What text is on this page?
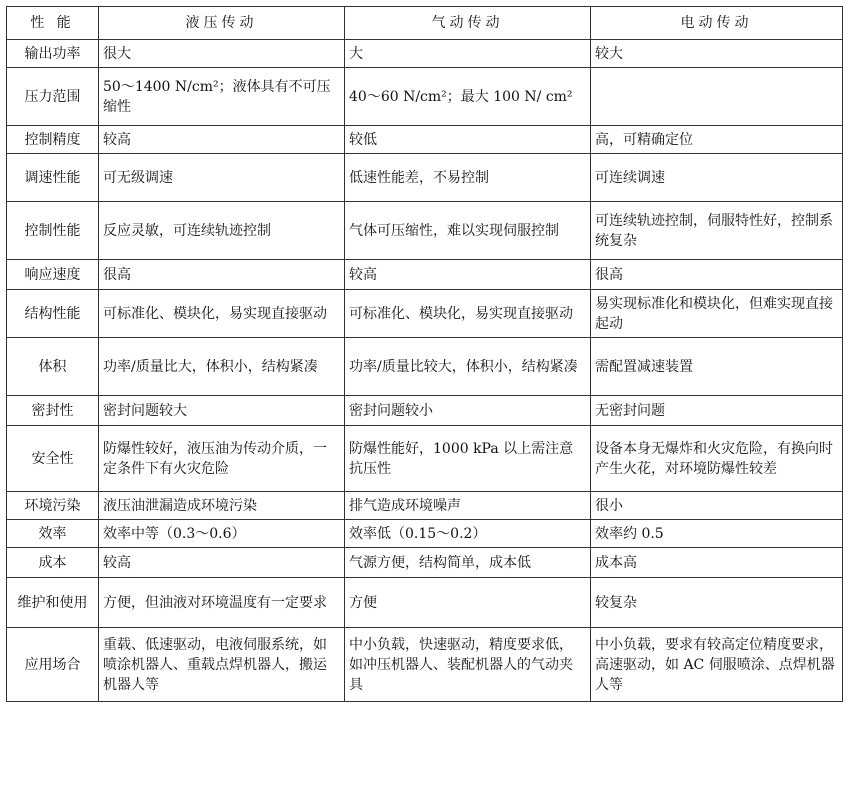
性 能	液压传动	气动传动	电动传动
输出功率	很大	大	较大
压力范围	50～1400 N/cm²；液体具有不可压缩性	40～60 N/cm²；最大 100 N/ cm²	
控制精度	较高	较低	高，可精确定位
调速性能	可无级调速	低速性能差，不易控制	可连续调速
控制性能	反应灵敏，可连续轨迹控制	气体可压缩性，难以实现伺服控制	可连续轨迹控制，伺服特性好，控制系统复杂
响应速度	很高	较高	很高
结构性能	可标准化、模块化，易实现直接驱动	可标准化、模块化，易实现直接驱动	易实现标准化和模块化，但难实现直接起动
体积	功率/质量比大，体积小，结构紧凑	功率/质量比较大，体积小，结构紧凑	需配置减速装置
密封性	密封问题较大	密封问题较小	无密封问题
安全性	防爆性较好，液压油为传动介质，一定条件下有火灾危险	防爆性能好，1000 kPa 以上需注意抗压性	设备本身无爆炸和火灾危险，有换向时产生火花，对环境防爆性较差
环境污染	液压油泄漏造成环境污染	排气造成环境噪声	很小
效率	效率中等（0.3～0.6）	效率低（0.15～0.2）	效率约 0.5
成本	较高	气源方便，结构简单，成本低	成本高
维护和使用	方便，但油液对环境温度有一定要求	方便	较复杂
应用场合	重载、低速驱动，电液伺服系统，如喷涂机器人、重载点焊机器人，搬运机器人等	中小负载，快速驱动，精度要求低，如冲压机器人、装配机器人的气动夹具	中小负载，要求有较高定位精度要求，高速驱动，如 AC 伺服喷涂、点焊机器人等
